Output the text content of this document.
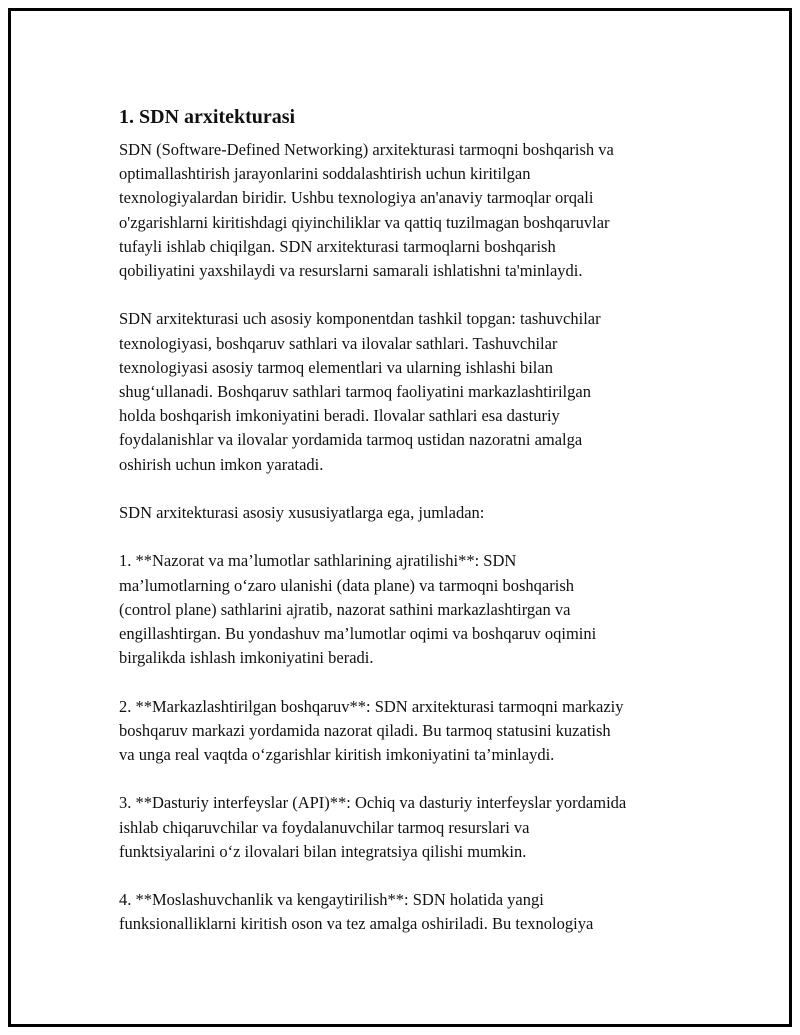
1. SDN arxitekturasi

SDN (Software-Defined Networking) arxitekturasi tarmoqni boshqarish va
optimallashtirish jarayonlarini soddalashtirish uchun kiritilgan
texnologiyalardan biridir. Ushbu texnologiya an'anaviy tarmoqlar orqali
o'zgarishlarni kiritishdagi qiyinchiliklar va qattiq tuzilmagan boshqaruvlar
tufayli ishlab chiqilgan. SDN arxitekturasi tarmoqlarni boshqarish
qobiliyatini yaxshilaydi va resurslarni samarali ishlatishni ta'minlaydi.

SDN arxitekturasi uch asosiy komponentdan tashkil topgan: tashuvchilar
texnologiyasi, boshqaruv sathlari va ilovalar sathlari. Tashuvchilar
texnologiyasi asosiy tarmoq elementlari va ularning ishlashi bilan
shug‘ullanadi. Boshqaruv sathlari tarmoq faoliyatini markazlashtirilgan
holda boshqarish imkoniyatini beradi. Ilovalar sathlari esa dasturiy
foydalanishlar va ilovalar yordamida tarmoq ustidan nazoratni amalga
oshirish uchun imkon yaratadi.

SDN arxitekturasi asosiy xususiyatlarga ega, jumladan:

1. **Nazorat va ma’lumotlar sathlarining ajratilishi**: SDN
ma’lumotlarning o‘zaro ulanishi (data plane) va tarmoqni boshqarish
(control plane) sathlarini ajratib, nazorat sathini markazlashtirgan va
engillashtirgan. Bu yondashuv ma’lumotlar oqimi va boshqaruv oqimini
birgalikda ishlash imkoniyatini beradi.

2. **Markazlashtirilgan boshqaruv**: SDN arxitekturasi tarmoqni markaziy
boshqaruv markazi yordamida nazorat qiladi. Bu tarmoq statusini kuzatish
va unga real vaqtda o‘zgarishlar kiritish imkoniyatini ta’minlaydi.

3. **Dasturiy interfeyslar (API)**: Ochiq va dasturiy interfeyslar yordamida
ishlab chiqaruvchilar va foydalanuvchilar tarmoq resurslari va
funktsiyalarini o‘z ilovalari bilan integratsiya qilishi mumkin.

4. **Moslashuvchanlik va kengaytirilish**: SDN holatida yangi
funksionalliklarni kiritish oson va tez amalga oshiriladi. Bu texnologiya
